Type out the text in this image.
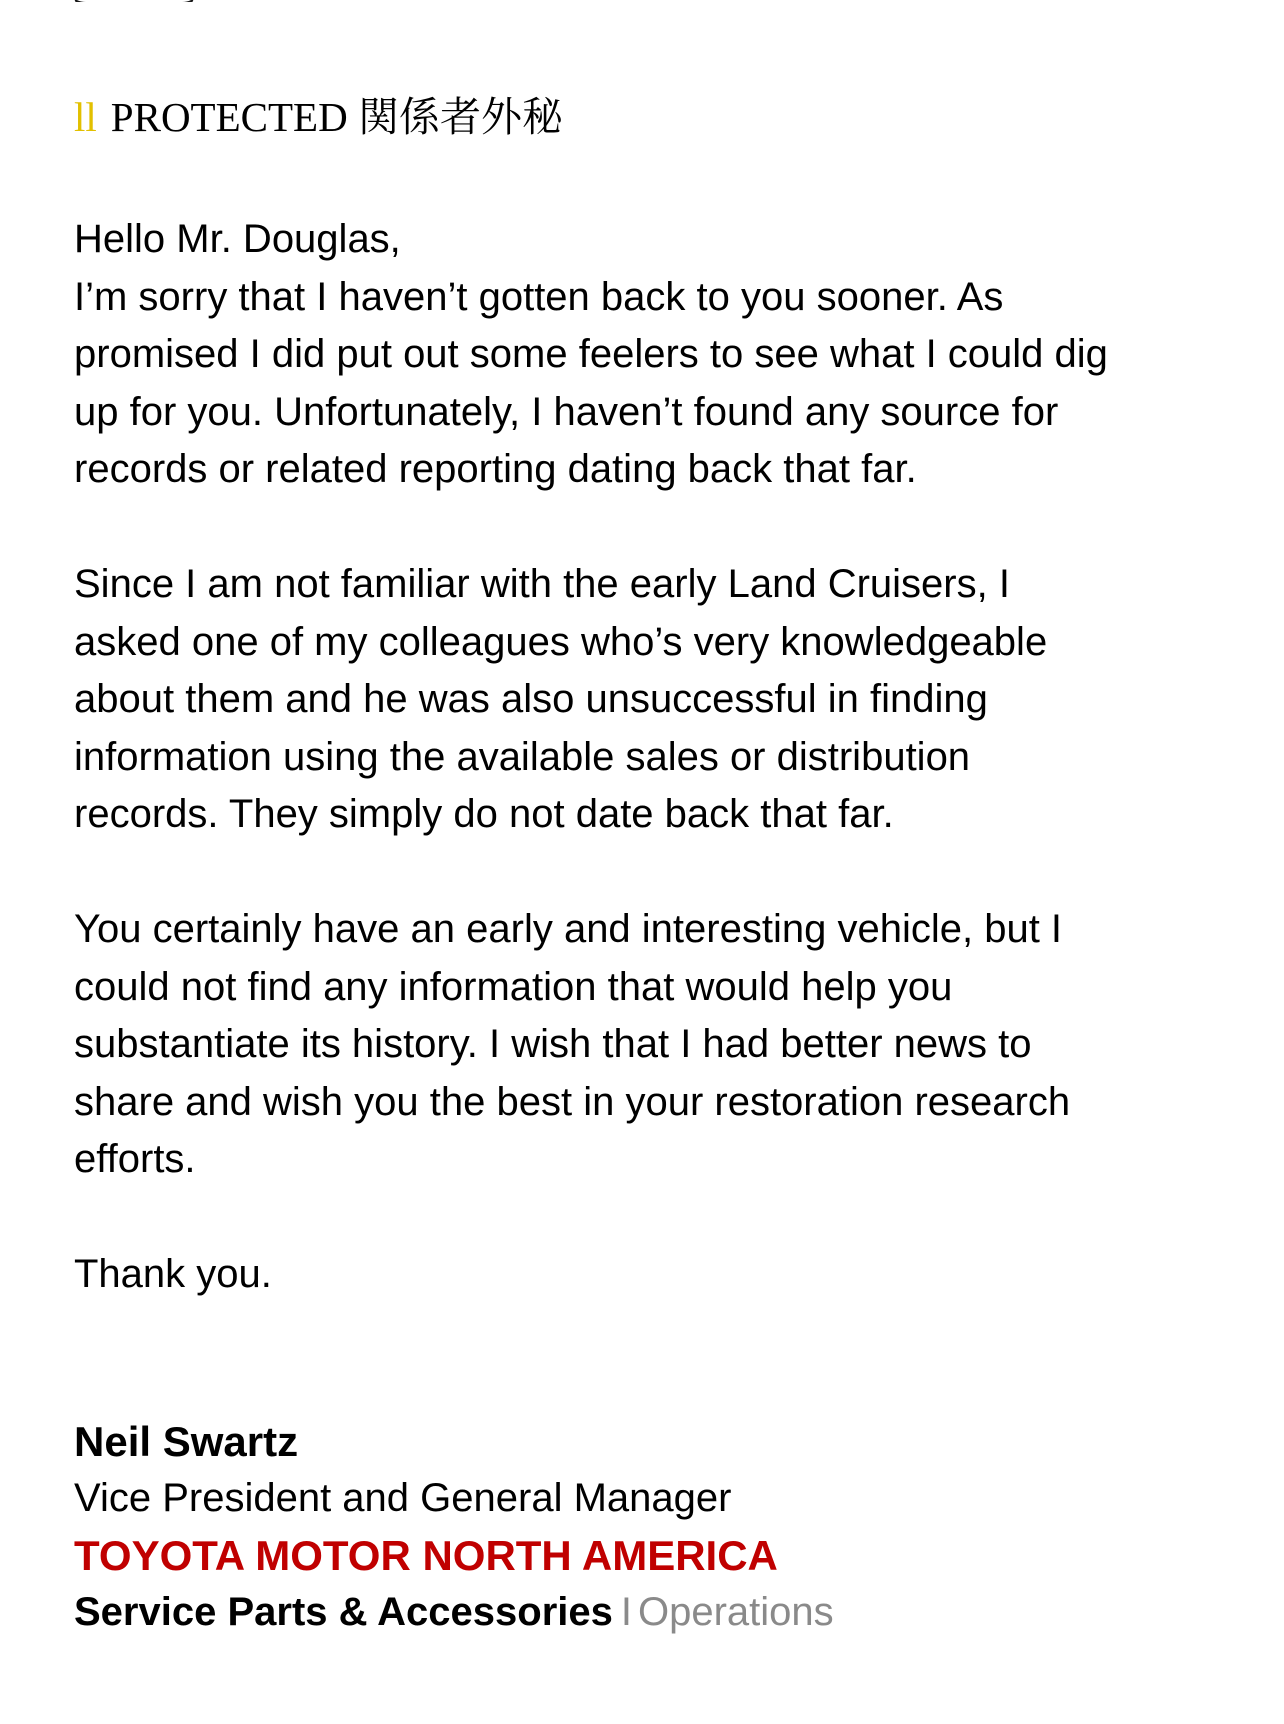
ll PROTECTED 関係者外秘

Hello Mr. Douglas,

I’m sorry that I haven’t gotten back to you sooner. As
promised I did put out some feelers to see what I could dig
up for you. Unfortunately, I haven’t found any source for
records or related reporting dating back that far.

Since I am not familiar with the early Land Cruisers, I
asked one of my colleagues who’s very knowledgeable
about them and he was also unsuccessful in finding
information using the available sales or distribution
records. They simply do not date back that far.

You certainly have an early and interesting vehicle, but I
could not find any information that would help you
substantiate its history. I wish that I had better news to
share and wish you the best in your restoration research
efforts.

Thank you.

Neil Swartz
Vice President and General Manager
TOYOTA MOTOR NORTH AMERICA
Service Parts & Accessories I Operations
